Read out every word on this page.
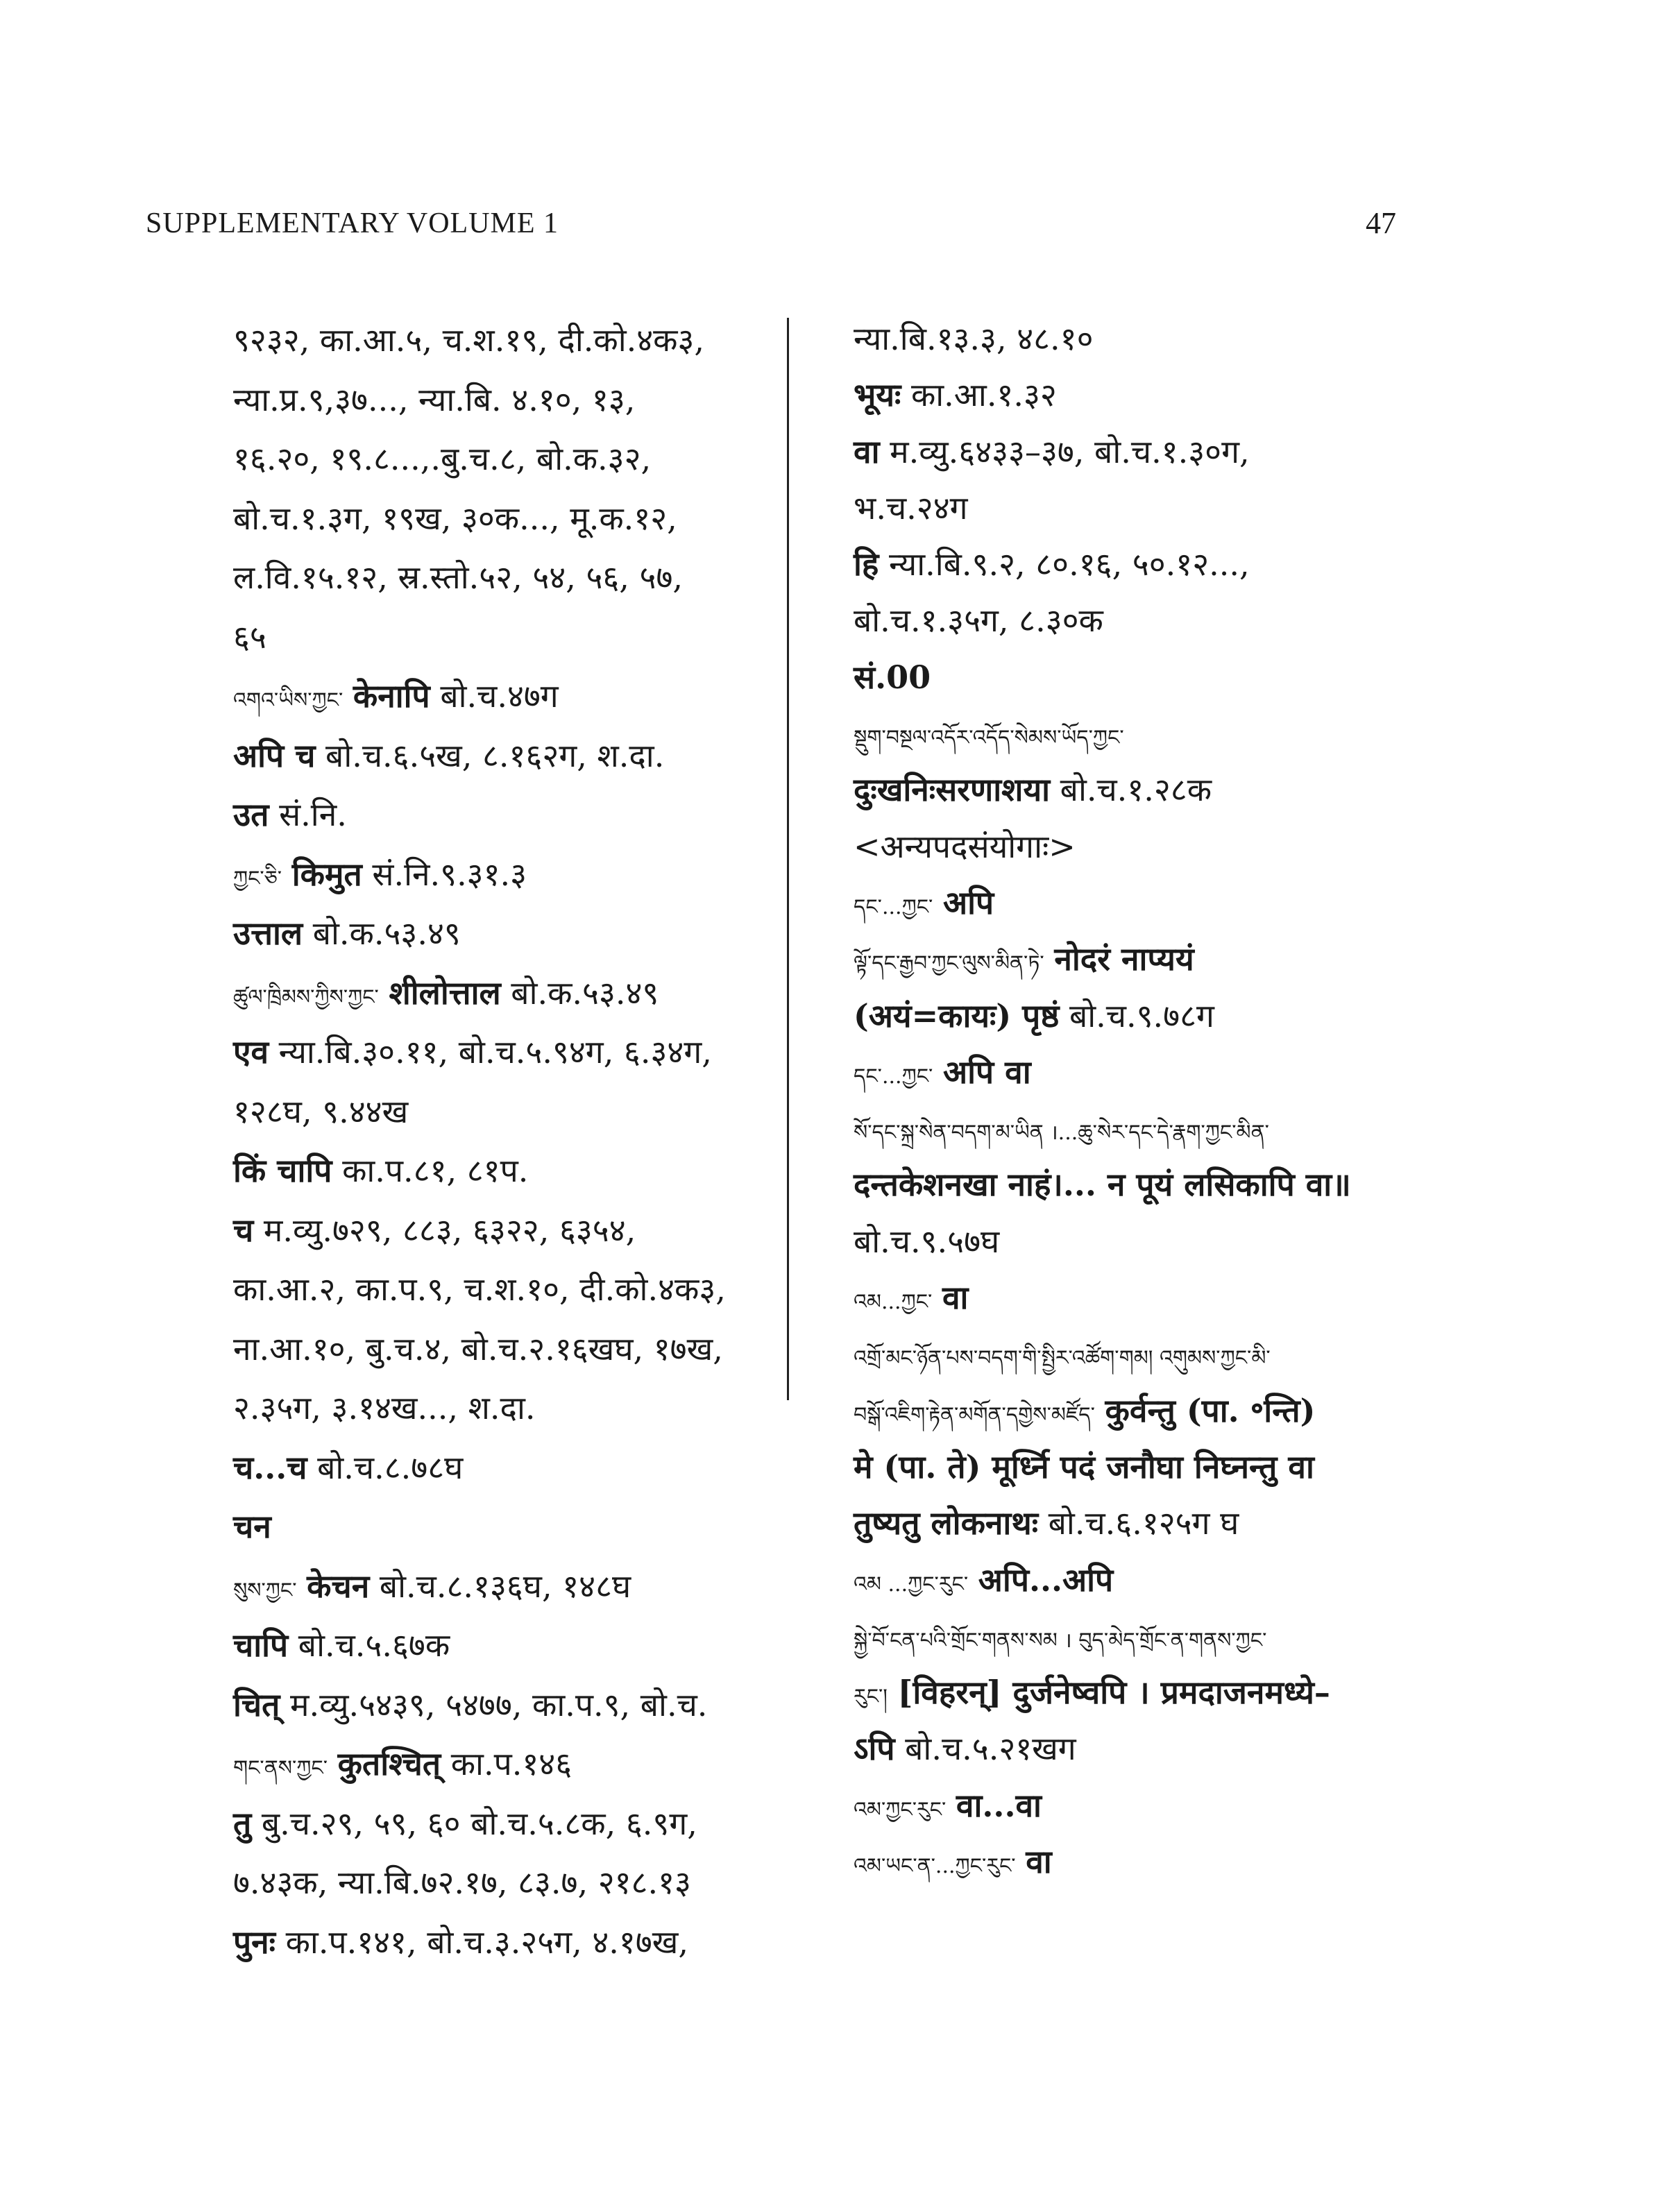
SUPPLEMENTARY VOLUME 1	47
९२३२, का.आ.५, च.श.१९, दी.को.४क३,
न्या.प्र.९,३७..., न्या.बि. ४.१०, १३,
१६.२०, १९.८...,.बु.च.८, बो.क.३२,
बो.च.१.३ग, १९ख, ३०क..., मू.क.१२,
ल.वि.१५.१२, स्र.स्तो.५२, ५४, ५६, ५७,
६५
འགའ་ཡིས་ཀྱང་ केनापि बो.च.४७ग
अपि च बो.च.६.५ख, ८.१६२ग, श.दा.
उत सं.नि.
ཀྱང་ཅི་ किमुत सं.नि.९.३१.३
उत्ताल बो.क.५३.४९
ཚུལ་ཁྲིམས་ཀྱིས་ཀྱང་ शीलोत्ताल बो.क.५३.४९
एव न्या.बि.३०.११, बो.च.५.९४ग, ६.३४ग,
१२८घ, ९.४४ख
किं चापि का.प.८१, ८१प.
च म.व्यु.७२९, ८८३, ६३२२, ६३५४,
का.आ.२, का.प.९, च.श.१०, दी.को.४क३,
ना.आ.१०, बु.च.४, बो.च.२.१६खघ, १७ख,
२.३५ग, ३.१४ख..., श.दा.
च...च बो.च.८.७८घ
चन
སུས་ཀྱང་ केचन बो.च.८.१३६घ, १४८घ
चापि बो.च.५.६७क
चित् म.व्यु.५४३९, ५४७७, का.प.९, बो.च.
གང་ནས་ཀྱང་ कुतश्चित् का.प.१४६
तु बु.च.२९, ५९, ६० बो.च.५.८क, ६.९ग,
७.४३क, न्या.बि.७२.१७, ८३.७, २१८.१३
पुनः का.प.१४१, बो.च.३.२५ग, ४.१७ख,
न्या.बि.१३.३, ४८.१०
भूयः का.आ.१.३२
वा म.व्यु.६४३३–३७, बो.च.१.३०ग,
भ.च.२४ग
हि न्या.बि.९.२, ८०.१६, ५०.१२...,
बो.च.१.३५ग, ८.३०क
सं.00
སྡུག་བསྔལ་འདོར་འདོད་སེམས་ཡོད་ཀྱང་
दुःखनिःसरणाशया बो.च.१.२८क
<अन्यपदसंयोगाः>
དང་...ཀྱང་ अपि
ལྟོ་དང་རྒྱབ་ཀྱང་ལུས་མིན་ཏེ་ नोदरं नाप्ययं
(अयं=कायः) पृष्ठं बो.च.९.७८ग
དང་...ཀྱང་ अपि वा
སོ་དང་སྐྲ་སེན་བདག་མ་ཡིན ।...ཆུ་སེར་དང་དེ་རྣག་ཀྱང་མིན་
दन्तकेशनखा नाहं।... न पूयं लसिकापि वा॥
बो.च.९.५७घ
འམ...ཀྱང་ वा
འགྲོ་མང་ཉོན་པས་བདག་གི་སྤྱིར་འཚོག་གམ། འགུམས་ཀྱང་མི་
བསྒོ་འཇིག་རྟེན་མགོན་དགྱེས་མཛོད་ कुर्वन्तु (पा. ॰न्ति)
मे (पा. ते) मूर्ध्नि पदं जनौघा निघ्नन्तु वा
तुष्यतु लोकनाथः बो.च.६.१२५ग घ
འམ ...ཀྱང་རུང་ अपि...अपि
སྐྱེ་བོ་ངན་པའི་གྲོང་གནས་སམ । བུད་མེད་གྲོང་ན་གནས་ཀྱང་
རུང་། [विहरन्] दुर्जनेष्वपि । प्रमदाजनमध्ये–
ऽपि बो.च.५.२१खग
འམ་ཀྱང་རུང་ वा...वा
འམ་ཡང་ན་...ཀྱང་རུང་ वा
